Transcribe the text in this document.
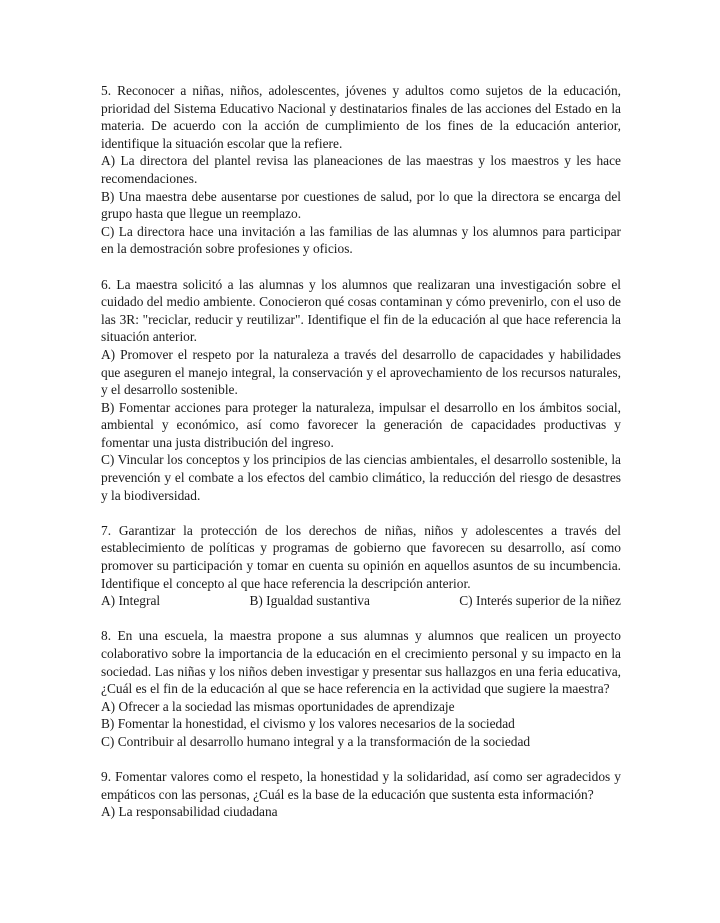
5. Reconocer a niñas, niños, adolescentes, jóvenes y adultos como sujetos de la educación, prioridad del Sistema Educativo Nacional y destinatarios finales de las acciones del Estado en la materia. De acuerdo con la acción de cumplimiento de los fines de la educación anterior, identifique la situación escolar que la refiere.

A) La directora del plantel revisa las planeaciones de las maestras y los maestros y les hace recomendaciones.

B) Una maestra debe ausentarse por cuestiones de salud, por lo que la directora se encarga del grupo hasta que llegue un reemplazo.

C) La directora hace una invitación a las familias de las alumnas y los alumnos para participar en la demostración sobre profesiones y oficios.

6. La maestra solicitó a las alumnas y los alumnos que realizaran una investigación sobre el cuidado del medio ambiente. Conocieron qué cosas contaminan y cómo prevenirlo, con el uso de las 3R: "reciclar, reducir y reutilizar". Identifique el fin de la educación al que hace referencia la situación anterior.

A) Promover el respeto por la naturaleza a través del desarrollo de capacidades y habilidades que aseguren el manejo integral, la conservación y el aprovechamiento de los recursos naturales, y el desarrollo sostenible.

B) Fomentar acciones para proteger la naturaleza, impulsar el desarrollo en los ámbitos social, ambiental y económico, así como favorecer la generación de capacidades productivas y fomentar una justa distribución del ingreso.

C) Vincular los conceptos y los principios de las ciencias ambientales, el desarrollo sostenible, la prevención y el combate a los efectos del cambio climático, la reducción del riesgo de desastres y la biodiversidad.

7. Garantizar la protección de los derechos de niñas, niños y adolescentes a través del establecimiento de políticas y programas de gobierno que favorecen su desarrollo, así como promover su participación y tomar en cuenta su opinión en aquellos asuntos de su incumbencia. Identifique el concepto al que hace referencia la descripción anterior.

A) Integral	B) Igualdad sustantiva	C) Interés superior de la niñez

8. En una escuela, la maestra propone a sus alumnas y alumnos que realicen un proyecto colaborativo sobre la importancia de la educación en el crecimiento personal y su impacto en la sociedad. Las niñas y los niños deben investigar y presentar sus hallazgos en una feria educativa, ¿Cuál es el fin de la educación al que se hace referencia en la actividad que sugiere la maestra?

A) Ofrecer a la sociedad las mismas oportunidades de aprendizaje

B) Fomentar la honestidad, el civismo y los valores necesarios de la sociedad

C) Contribuir al desarrollo humano integral y a la transformación de la sociedad

9. Fomentar valores como el respeto, la honestidad y la solidaridad, así como ser agradecidos y empáticos con las personas, ¿Cuál es la base de la educación que sustenta esta información?

A) La responsabilidad ciudadana
